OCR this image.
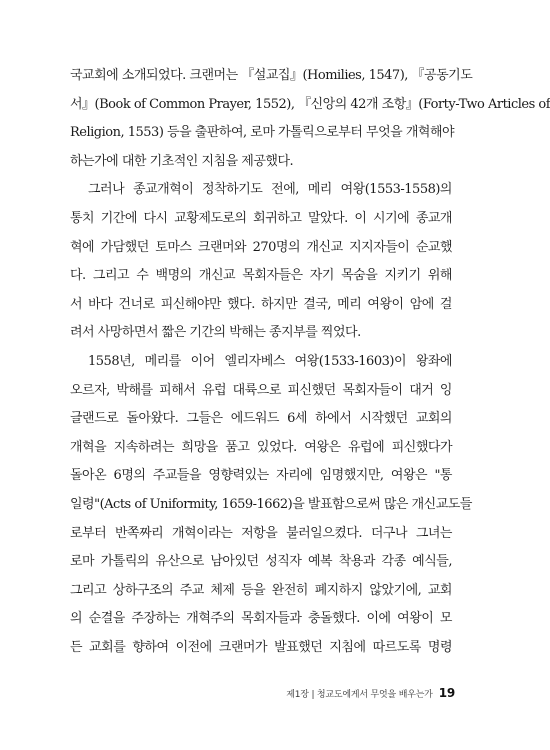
국교회에 소개되었다. 크랜머는 『설교집』(Homilies, 1547), 『공동기도
서』(Book of Common Prayer, 1552), 『신앙의 42개 조항』(Forty-Two Articles of
Religion, 1553) 등을 출판하여, 로마 가톨릭으로부터 무엇을 개혁해야
하는가에 대한 기초적인 지침을 제공했다.
그러나 종교개혁이 정착하기도 전에, 메리 여왕(1553-1558)의
통치 기간에 다시 교황제도로의 회귀하고 말았다. 이 시기에 종교개
혁에 가담했던 토마스 크랜머와 270명의 개신교 지지자들이 순교했
다. 그리고 수 백명의 개신교 목회자들은 자기 목숨을 지키기 위해
서 바다 건너로 피신해야만 했다. 하지만 결국, 메리 여왕이 암에 걸
려서 사망하면서 짧은 기간의 박해는 종지부를 찍었다.
1558년, 메리를 이어 엘리자베스 여왕(1533-1603)이 왕좌에
오르자, 박해를 피해서 유럽 대륙으로 피신했던 목회자들이 대거 잉
글랜드로 돌아왔다. 그들은 에드워드 6세 하에서 시작했던 교회의
개혁을 지속하려는 희망을 품고 있었다. 여왕은 유럽에 피신했다가
돌아온 6명의 주교들을 영향력있는 자리에 임명했지만, 여왕은 "통
일령"(Acts of Uniformity, 1659-1662)을 발표함으로써 많은 개신교도들
로부터 반쪽짜리 개혁이라는 저항을 불러일으켰다. 더구나 그녀는
로마 가톨릭의 유산으로 남아있던 성직자 예복 착용과 각종 예식들,
그리고 상하구조의 주교 체제 등을 완전히 폐지하지 않았기에, 교회
의 순결을 주장하는 개혁주의 목회자들과 충돌했다. 이에 여왕이 모
든 교회를 향하여 이전에 크랜머가 발표했던 지침에 따르도록 명령
제1장 | 청교도에게서 무엇을 배우는가 19
